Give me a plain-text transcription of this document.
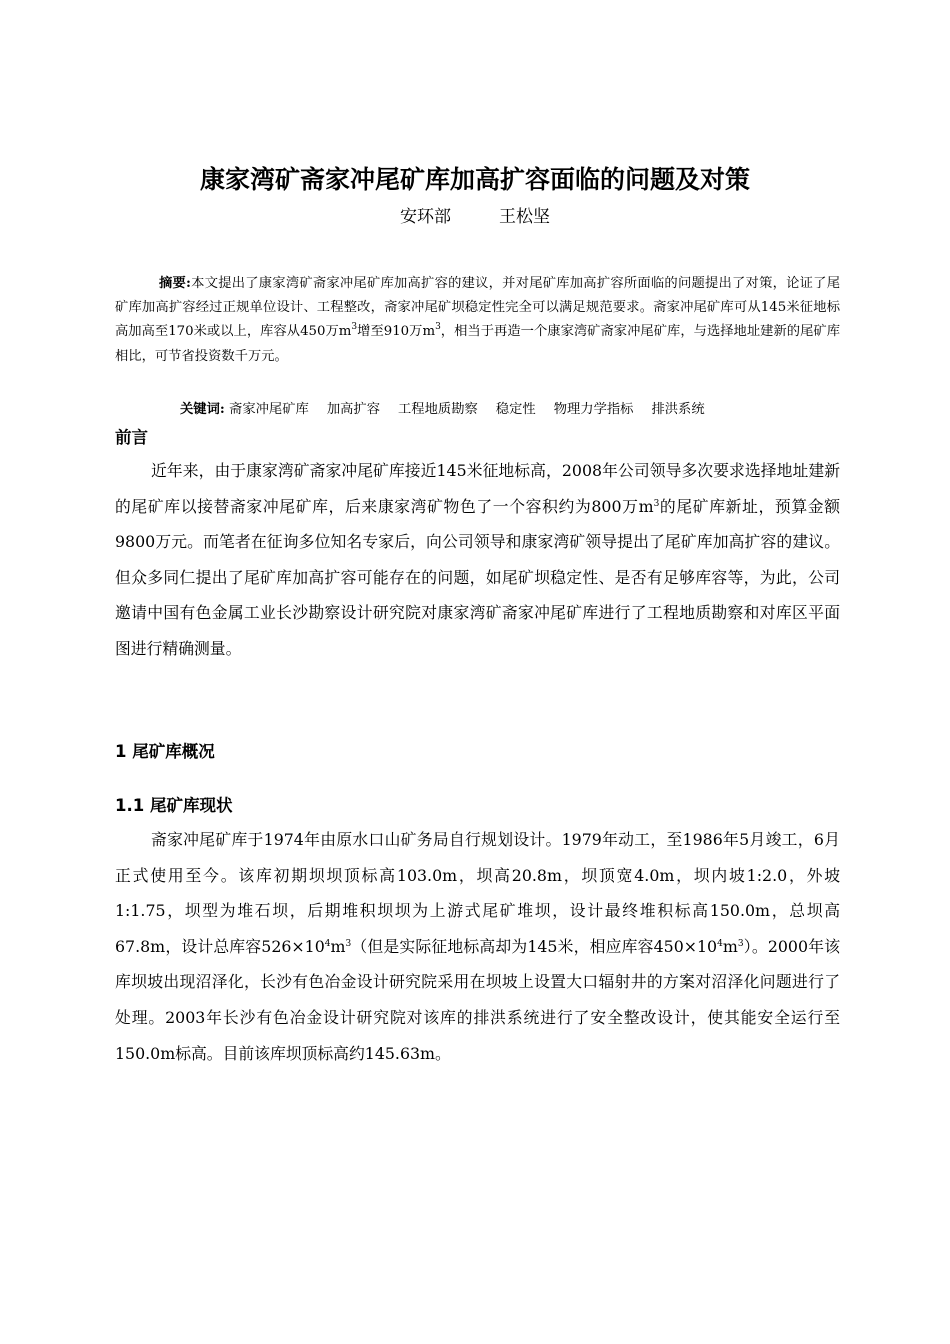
康家湾矿斋家冲尾矿库加高扩容面临的问题及对策
安环部	王松坚
摘要:本文提出了康家湾矿斋家冲尾矿库加高扩容的建议，并对尾矿库加高扩容所面临的问题提出了对策，论证了尾矿库加高扩容经过正规单位设计、工程整改，斋家冲尾矿坝稳定性完全可以满足规范要求。斋家冲尾矿库可从145米征地标高加高至170米或以上，库容从450万$m^3$增至910万$m^3$，相当于再造一个康家湾矿斋家冲尾矿库，与选择地址建新的尾矿库相比，可节省投资数千万元。
关键词: 斋家冲尾矿库 加高扩容 工程地质勘察 稳定性 物理力学指标 排洪系统
前言
近年来，由于康家湾矿斋家冲尾矿库接近145米征地标高，2008年公司领导多次要求选择地址建新的尾矿库以接替斋家冲尾矿库，后来康家湾矿物色了一个容积约为800万$m^3$的尾矿库新址，预算金额9800万元。而笔者在征询多位知名专家后，向公司领导和康家湾矿领导提出了尾矿库加高扩容的建议。但众多同仁提出了尾矿库加高扩容可能存在的问题，如尾矿坝稳定性、是否有足够库容等，为此，公司邀请中国有色金属工业长沙勘察设计研究院对康家湾矿斋家冲尾矿库进行了工程地质勘察和对库区平面图进行精确测量。
1 尾矿库概况
1.1 尾矿库现状
斋家冲尾矿库于1974年由原水口山矿务局自行规划设计。1979年动工，至1986年5月竣工，6月正式使用至今。该库初期坝坝顶标高103.0m，坝高20.8m，坝顶宽4.0m，坝内坡1:2.0，外坡1:1.75，坝型为堆石坝，后期堆积坝坝为上游式尾矿堆坝，设计最终堆积标高150.0m，总坝高67.8m，设计总库容$526\times 10^4m^3$（但是实际征地标高却为145米，相应库容$450\times 10^4m^3$）。2000年该库坝坡出现沼泽化，长沙有色冶金设计研究院采用在坝坡上设置大口辐射井的方案对沼泽化问题进行了处理。2003年长沙有色冶金设计研究院对该库的排洪系统进行了安全整改设计，使其能安全运行至150.0m标高。目前该库坝顶标高约145.63m。
